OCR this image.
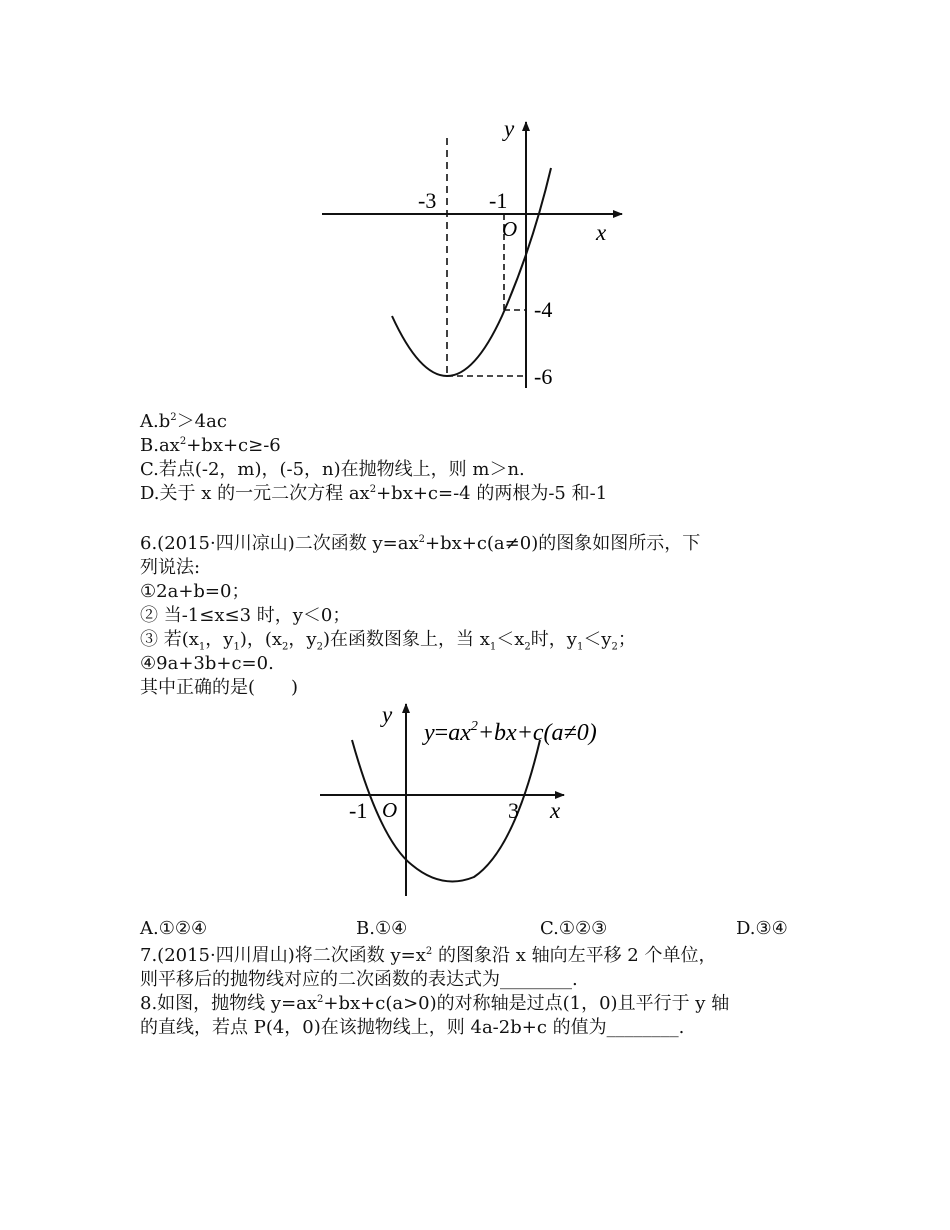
y
x
O
-3 -1
-4
-6
$A.b^2>4ac$
$B.ax^2+bx+c\ge-6$
C.若点(-2，m)，(-5，n)在抛物线上，则 m＞n.
D.关于 x 的一元二次方程 $ax^2+bx+c=-4$ 的两根为-5 和-1
6.(2015·四川凉山)二次函数 $y=ax^2+bx+c(a\ne 0)$的图象如图所示，下
列说法:
①2a+b=0；
② 当-1≤x≤3 时，y＜0；
③ 若($x_1$，$y_1$)，($x_2$，$y_2$)在函数图象上，当 $x_1<x_2$时，$y_1<y_2$；
④9a+3b+c=0.
其中正确的是(　　)
y
x
O
-1	3
$y=ax^2+bx+c(a\ne 0)$
A.①②④	B.①④	C.①②③	D.③④
7.(2015·四川眉山)将二次函数 $y=x^2$ 的图象沿 x 轴向左平移 2 个单位，
则平移后的抛物线对应的二次函数的表达式为________.
8.如图，抛物线 $y=ax^2+bx+c(a>0)$的对称轴是过点(1，0)且平行于 y 轴
的直线，若点 P(4，0)在该抛物线上，则 4a-2b+c 的值为________.
